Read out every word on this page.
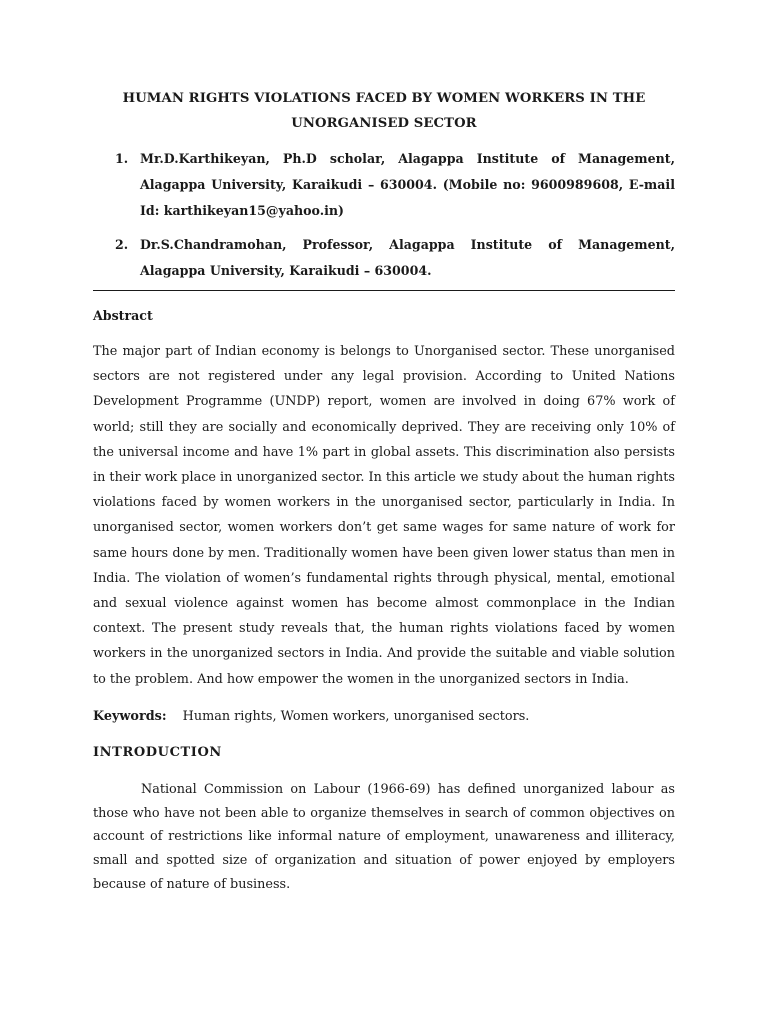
HUMAN RIGHTS VIOLATIONS FACED BY WOMEN WORKERS IN THE UNORGANISED SECTOR
1. Mr.D.Karthikeyan, Ph.D scholar, Alagappa Institute of Management, Alagappa University, Karaikudi – 630004. (Mobile no: 9600989608, E-mail Id: karthikeyan15@yahoo.in)
2. Dr.S.Chandramohan, Professor, Alagappa Institute of Management, Alagappa University, Karaikudi – 630004.
Abstract

The major part of Indian economy is belongs to Unorganised sector. These unorganised sectors are not registered under any legal provision. According to United Nations Development Programme (UNDP) report, women are involved in doing 67% work of world; still they are socially and economically deprived. They are receiving only 10% of the universal income and have 1% part in global assets. This discrimination also persists in their work place in unorganized sector. In this article we study about the human rights violations faced by women workers in the unorganised sector, particularly in India. In unorganised sector, women workers don’t get same wages for same nature of work for same hours done by men. Traditionally women have been given lower status than men in India. The violation of women’s fundamental rights through physical, mental, emotional and sexual violence against women has become almost commonplace in the Indian context. The present study reveals that, the human rights violations faced by women workers in the unorganized sectors in India. And provide the suitable and viable solution to the problem. And how empower the women in the unorganized sectors in India.

Keywords: Human rights, Women workers, unorganised sectors.

INTRODUCTION

National Commission on Labour (1966-69) has defined unorganized labour as those who have not been able to organize themselves in search of common objectives on account of restrictions like informal nature of employment, unawareness and illiteracy, small and spotted size of organization and situation of power enjoyed by employers because of nature of business.
